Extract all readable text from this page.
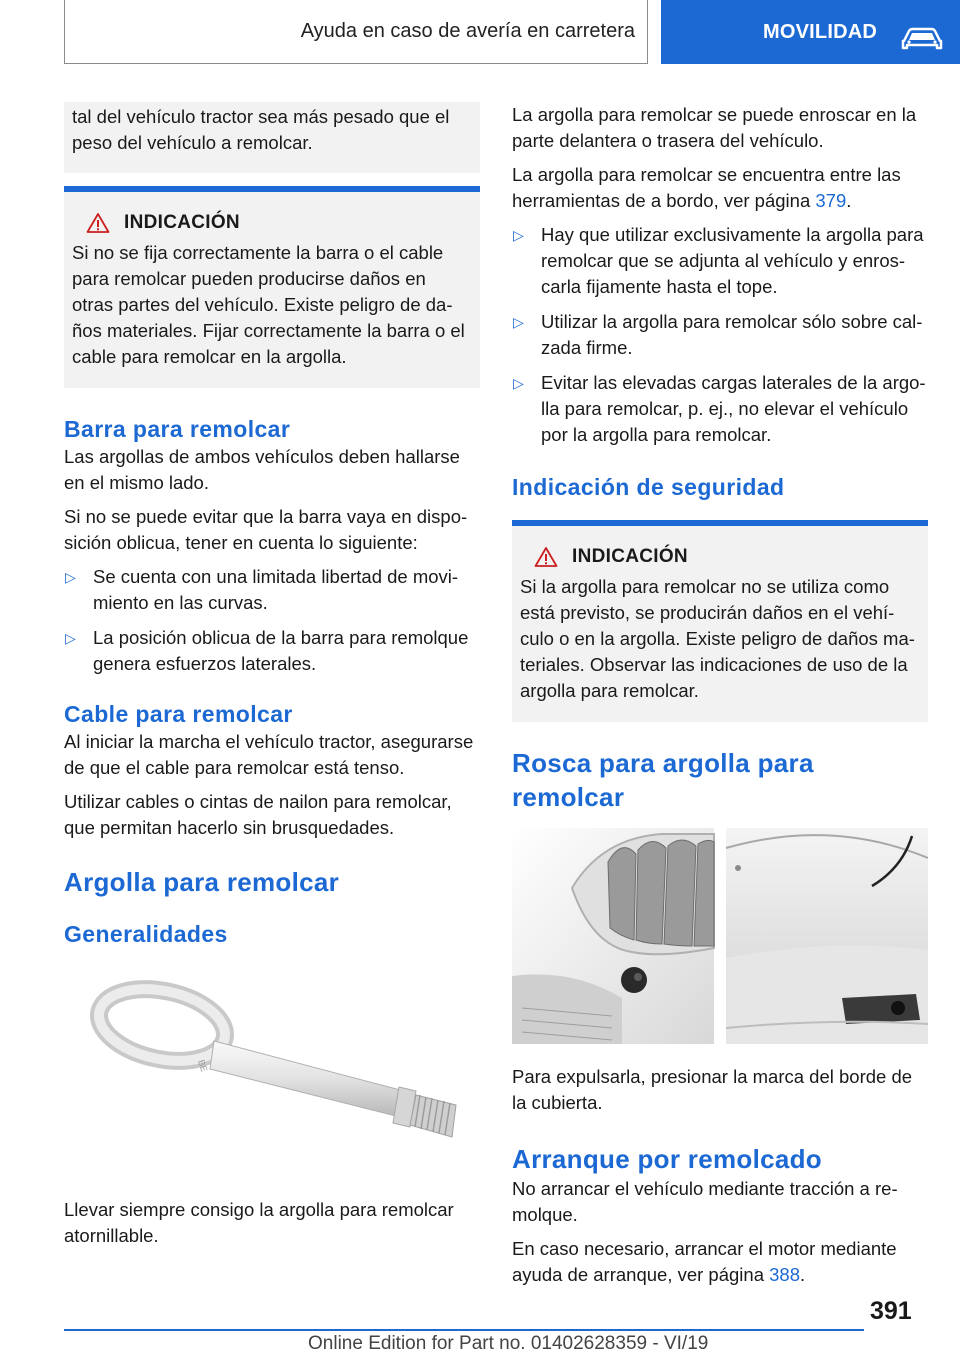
Ayuda en caso de avería en carretera	MOVILIDAD

tal del vehículo tractor sea más pesado que el peso del vehículo a remolcar.

INDICACIÓN

Si no se fija correctamente la barra o el cable para remolcar pueden producirse daños en otras partes del vehículo. Existe peligro de da‐ños materiales. Fijar correctamente la barra o el cable para remolcar en la argolla.

Barra para remolcar

Las argollas de ambos vehículos deben hallarse en el mismo lado.

Si no se puede evitar que la barra vaya en dispo‐sición oblicua, tener en cuenta lo siguiente:

▷ Se cuenta con una limitada libertad de movi‐miento en las curvas.
▷ La posición oblicua de la barra para remolque genera esfuerzos laterales.
Cable para remolcar

Al iniciar la marcha el vehículo tractor, asegurarse de que el cable para remolcar está tenso.

Utilizar cables o cintas de nailon para remolcar, que permitan hacerlo sin brusquedades.

Argolla para remolcar
Generalidades
BE

Llevar siempre consigo la argolla para remolcar atornillable.

La argolla para remolcar se puede enroscar en la parte delantera o trasera del vehículo.

La argolla para remolcar se encuentra entre las herramientas de a bordo, ver página 379.

▷ Hay que utilizar exclusivamente la argolla para remolcar que se adjunta al vehículo y enros‐carla fijamente hasta el tope.
▷ Utilizar la argolla para remolcar sólo sobre cal‐zada firme.
▷ Evitar las elevadas cargas laterales de la argo‐lla para remolcar, p. ej., no elevar el vehículo por la argolla para remolcar.
Indicación de seguridad
INDICACIÓN

Si la argolla para remolcar no se utiliza como está previsto, se producirán daños en el vehí‐culo o en la argolla. Existe peligro de daños ma‐teriales. Observar las indicaciones de uso de la argolla para remolcar.

Rosca para argolla para remolcar

Para expulsarla, presionar la marca del borde de la cubierta.

Arranque por remolcado

No arrancar el vehículo mediante tracción a re‐molque.

En caso necesario, arrancar el motor mediante ayuda de arranque, ver página 388.

391
Online Edition for Part no. 01402628359 - VI/19
